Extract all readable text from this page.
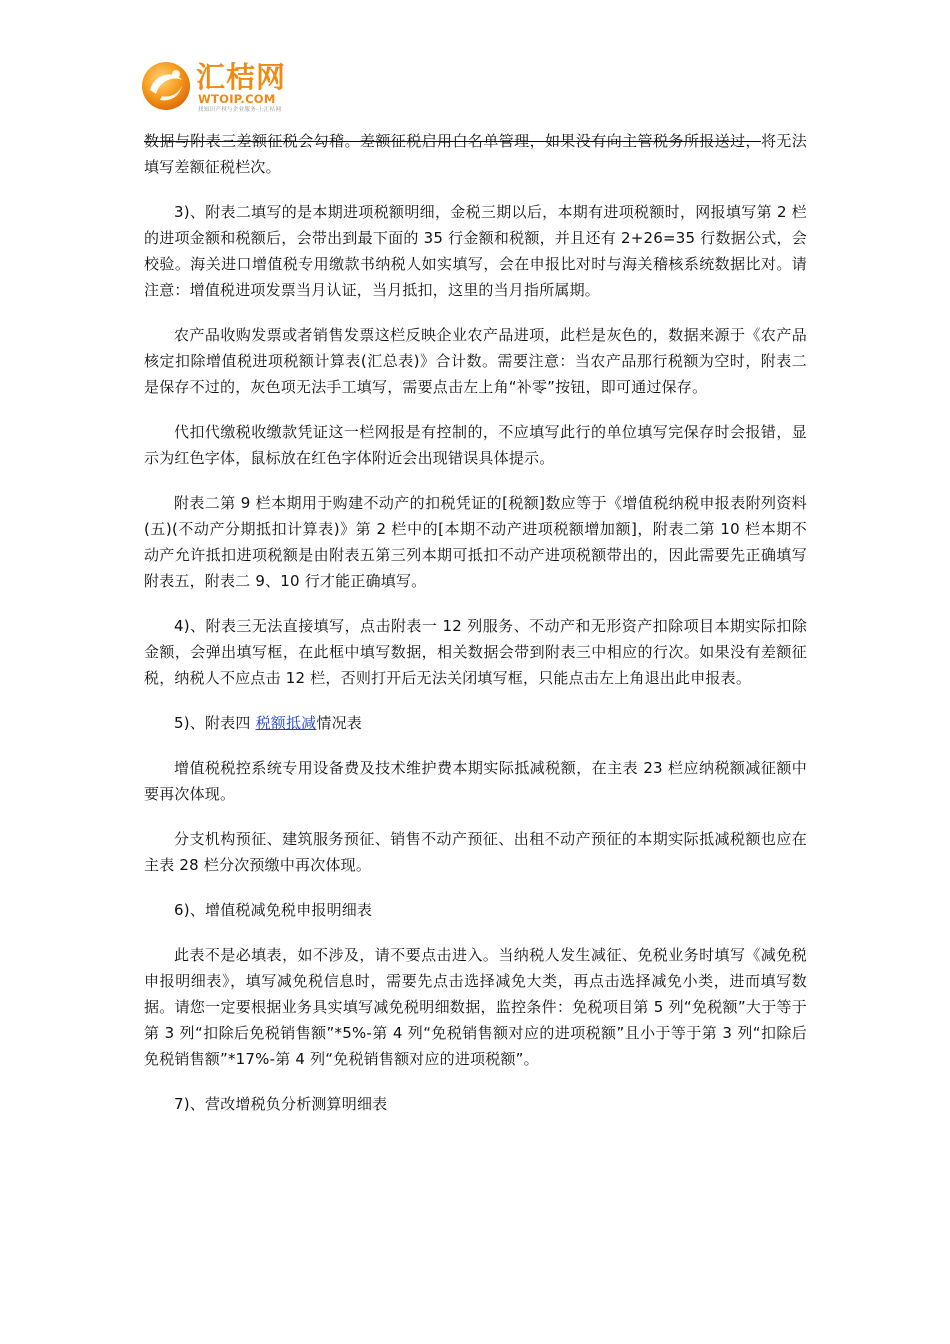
汇桔网
WTOIP.COM
找知识产权与企业服务·上汇桔网

数据与附表三差额征税会勾稽。差额征税启用白名单管理，如果没有向主管税务所报送过，将无法填写差额征税栏次。

3)、附表二填写的是本期进项税额明细，金税三期以后，本期有进项税额时，网报填写第 2 栏的进项金额和税额后，会带出到最下面的 35 行金额和税额，并且还有 2+26=35 行数据公式，会校验。海关进口增值税专用缴款书纳税人如实填写，会在申报比对时与海关稽核系统数据比对。请注意：增值税进项发票当月认证，当月抵扣，这里的当月指所属期。

农产品收购发票或者销售发票这栏反映企业农产品进项，此栏是灰色的，数据来源于《农产品核定扣除增值税进项税额计算表(汇总表)》合计数。需要注意：当农产品那行税额为空时，附表二是保存不过的，灰色项无法手工填写，需要点击左上角“补零”按钮，即可通过保存。

代扣代缴税收缴款凭证这一栏网报是有控制的，不应填写此行的单位填写完保存时会报错，显示为红色字体，鼠标放在红色字体附近会出现错误具体提示。

附表二第 9 栏本期用于购建不动产的扣税凭证的[税额]数应等于《增值税纳税申报表附列资料(五)(不动产分期抵扣计算表)》第 2 栏中的[本期不动产进项税额增加额]，附表二第 10 栏本期不动产允许抵扣进项税额是由附表五第三列本期可抵扣不动产进项税额带出的，因此需要先正确填写附表五，附表二 9、10 行才能正确填写。

4)、附表三无法直接填写，点击附表一 12 列服务、不动产和无形资产扣除项目本期实际扣除金额，会弹出填写框，在此框中填写数据，相关数据会带到附表三中相应的行次。如果没有差额征税，纳税人不应点击 12 栏，否则打开后无法关闭填写框，只能点击左上角退出此申报表。

5)、附表四 税额抵减情况表

增值税税控系统专用设备费及技术维护费本期实际抵减税额，在主表 23 栏应纳税额减征额中要再次体现。

分支机构预征、建筑服务预征、销售不动产预征、出租不动产预征的本期实际抵减税额也应在主表 28 栏分次预缴中再次体现。

6)、增值税减免税申报明细表

此表不是必填表，如不涉及，请不要点击进入。当纳税人发生减征、免税业务时填写《减免税申报明细表》，填写减免税信息时，需要先点击选择减免大类，再点击选择减免小类，进而填写数据。请您一定要根据业务具实填写减免税明细数据，监控条件：免税项目第 5 列“免税额”大于等于第 3 列“扣除后免税销售额”*5%-第 4 列“免税销售额对应的进项税额”且小于等于第 3 列“扣除后免税销售额”*17%-第 4 列“免税销售额对应的进项税额”。

7)、营改增税负分析测算明细表
